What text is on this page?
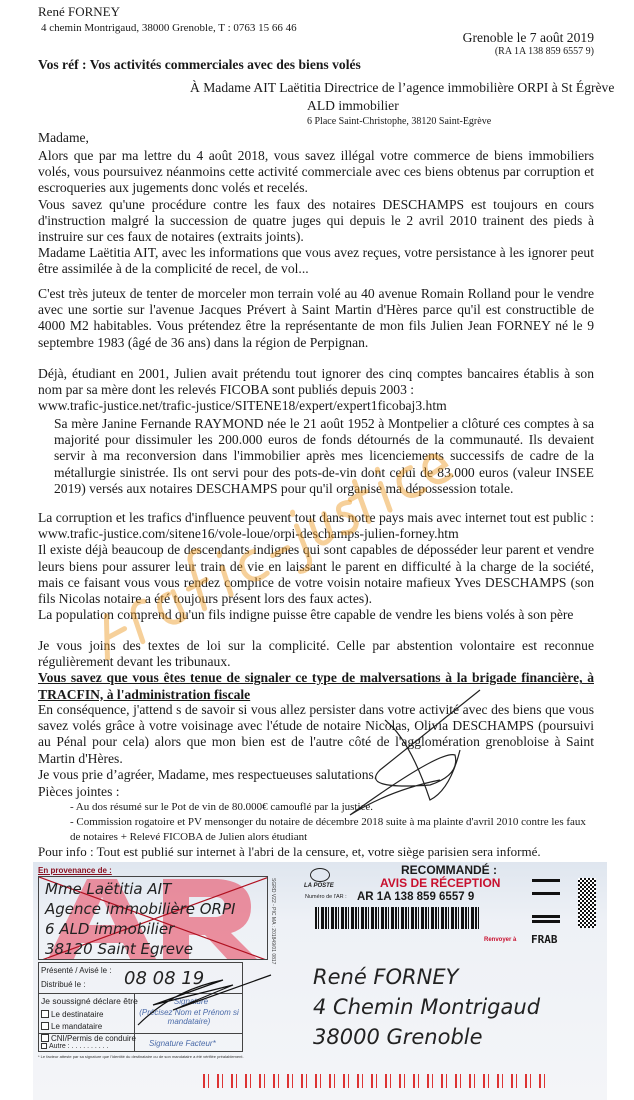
René FORNEY
4 chemin Montrigaud, 38000 Grenoble, T : 0763 15 66 46
Grenoble le 7 août 2019
(RA 1A 138 859 6557 9)
Vos réf : Vos activités commerciales avec des biens volés
À Madame AIT Laëtitia Directrice de l’agence immobilière ORPI à St Égrève
ALD immobilier
6 Place Saint-Christophe, 38120 Saint-Egrève
Madame,
Alors que par ma lettre du 4 août 2018, vous savez illégal votre commerce de biens immobiliers volés, vous poursuivez néanmoins cette activité commerciale avec ces biens obtenus par corruption et escroqueries aux jugements donc volés et recelés.
Vous savez qu'une procédure contre les faux des notaires DESCHAMPS est toujours en cours d'instruction malgré la succession de quatre juges qui depuis le 2 avril 2010 trainent des pieds à instruire sur ces faux de notaires (extraits joints).
Madame Laëtitia AIT, avec les informations que vous avez reçues, votre persistance à les ignorer peut être assimilée à de la complicité de recel, de vol...
C'est très juteux de tenter de morceler mon terrain volé au 40 avenue Romain Rolland pour le vendre avec une sortie sur l'avenue Jacques Prévert à Saint Martin d'Hères parce qu'il est constructible de 4000 M2 habitables. Vous prétendez être la représentante de mon fils Julien Jean FORNEY né le 9 septembre 1983 (âgé de 36 ans) dans la région de Perpignan.
Déjà, étudiant en 2001, Julien avait prétendu tout ignorer des cinq comptes bancaires établis à son nom par sa mère dont les relevés FICOBA sont publiés depuis 2003 :
www.trafic-justice.net/trafic-justice/SITENE18/expert/expert1ficobaj3.htm
Sa mère Janine Fernande RAYMOND née le 21 août 1952 à Montpelier a clôturé ces comptes à sa majorité pour dissimuler les 200.000 euros de fonds détournés de la communauté. Ils devaient servir à ma reconversion dans l'immobilier après mes licenciements successifs de cadre de la métallurgie sinistrée. Ils ont servi pour des pots-de-vin dont celui de 83.000 euros (valeur INSEE 2019) versés aux notaires DESCHAMPS pour qu'il organise ma dépossession totale.
La corruption et les trafics d'influence peuvent tout dans notre pays mais avec internet tout est public : www.trafic-justice.com/sitene16/vole-loue/orpi-deschamps-julien-forney.htm
Il existe déjà beaucoup de descendants indignes qui sont capables de déposséder leur parent et vendre leurs biens pour assurer leur train de vie en laissant le parent en difficulté à la charge de la société, mais ce faisant vous vous rendez complice de votre voisin notaire mafieux Yves DESCHAMPS (son fils Nicolas notaire a été toujours présent lors des faux actes).
La population comprend qu'un fils indigne puisse être capable de vendre les biens volés à son père
Je vous joins des textes de loi sur la complicité. Celle par abstention volontaire est reconnue régulièrement devant les tribunaux.
Vous savez que vous êtes tenue de signaler ce type de malversations à la brigade financière, à TRACFIN, à l'administration fiscale
En conséquence, j'attend s de savoir si vous allez persister dans votre activité avec des biens que vous savez volés grâce à votre voisinage avec l'étude de notaire Nicolas, Olivia DESCHAMPS (poursuivi au Pénal pour cela) alors que mon bien est de l'autre côté de l'agglomération grenobloise à Saint Martin d'Hères.
Je vous prie d’agréer, Madame, mes respectueuses salutations.
Pièces jointes :
- Au dos résumé sur le Pot de vin de 80.000€ camouflé par la justice.
- Commission rogatoire et PV mensonger du notaire de décembre 2018 suite à ma plainte d'avril 2010 contre les faux de notaires + Relevé FICOBA de Julien alors étudiant
Pour info : Tout est publié sur internet à l'abri de la censure, et, votre siège parisien sera informé.
En provenance de :
Mme Laëtitia AIT
Agence immobilière ORPI
6 ALD immobilier
38120 Saint Egreve	SGRD V22 - PIC MA : 201849/01 0817
Présenté / Avisé le :
Distribué le : 08 08 19
Je soussigné déclare être
Le destinataire
Le mandataire
Signature
(Précisez Nom et Prénom si mandataire)
CNI/Permis de conduire
Autre : . . . . . . . . . .	Signature Facteur*
* Le facteur atteste par sa signature que l'identité du destinataire ou de son mandataire a été vérifiée préalablement.
LA POSTE
RECOMMANDÉ :
AVIS DE RÉCEPTION
Numéro de l'AR : AR 1A 138 859 6557 9
Renvoyer à FRAB
René FORNEY
4 Chemin Montrigaud
38000 Grenoble
